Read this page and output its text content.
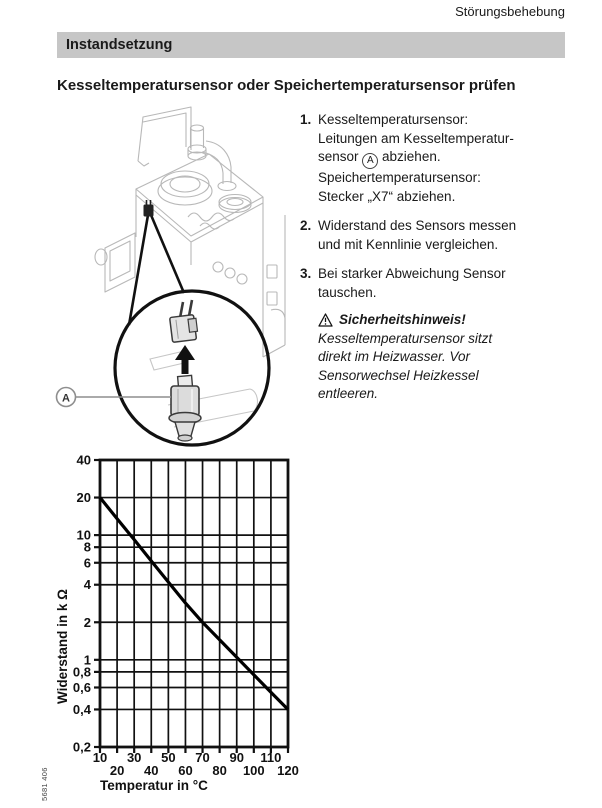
Störungsbehebung
Instandsetzung
Kesseltemperatursensor oder Speichertemperatursensor prüfen
A
1. Kesseltemperatursensor:
Leitungen am Kesseltemperatur-
sensor A abziehen.
Speichertemperatursensor:
Stecker „X7“ abziehen.
2. Widerstand des Sensors messen
und mit Kennlinie vergleichen.
3. Bei starker Abweichung Sensor
tauschen.
Sicherheitshinweis!
Kesseltemperatursensor sitzt
direkt im Heizwasser. Vor
Sensorwechsel Heizkessel
entleeren.
40
20
10
8
6
4
2
1
0,8
0,6
0,4
0,2
10
20
30
40
50
60
70
80
90
100
110
120
Widerstand in k Ω
Temperatur in °C
5681 406
